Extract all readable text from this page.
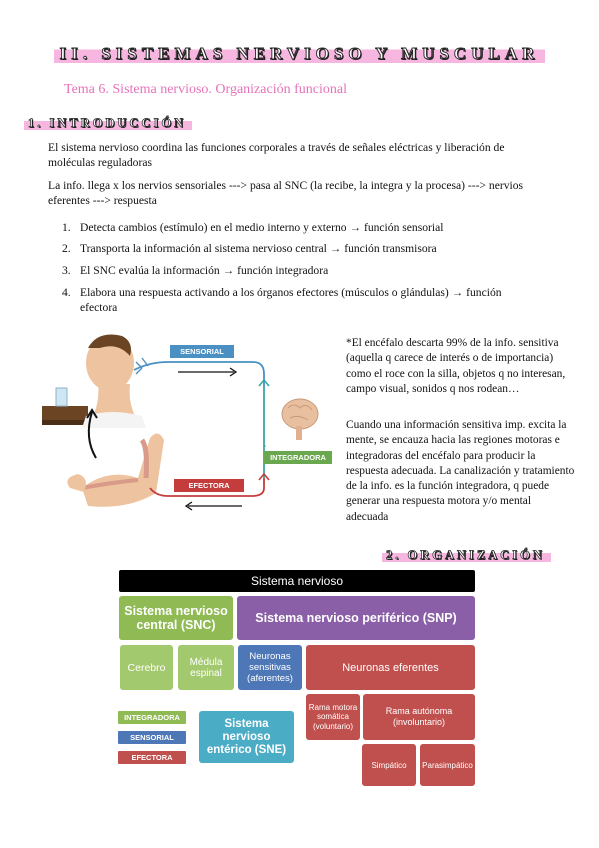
II. SISTEMAS NERVIOSO Y MUSCULAR
Tema 6. Sistema nervioso. Organización funcional
1. INTRODUCCIÓN
El sistema nervioso coordina las funciones corporales a través de señales eléctricas y liberación de moléculas reguladoras
La info. llega x los nervios sensoriales ---> pasa al SNC (la recibe, la integra y la procesa) ---> nervios eferentes ---> respuesta
1. Detecta cambios (estímulo) en el medio interno y externo → función sensorial
2. Transporta la información al sistema nervioso central → función transmisora
3. El SNC evalúa la información → función integradora
4. Elabora una respuesta activando a los órganos efectores (músculos o glándulas) → función efectora
SENSORIAL
INTEGRADORA
EFECTORA
*El encéfalo descarta 99% de la info. sensitiva (aquella q carece de interés o de importancia) como el roce con la silla, objetos q no interesan, campo visual, sonidos q nos rodean…
Cuando una información sensitiva imp. excita la mente, se encauza hacia las regiones motoras e integradoras del encéfalo para producir la respuesta adecuada. La canalización y tratamiento de la info. es la función integradora, q puede generar una respuesta motora y/o mental adecuada
2. ORGANIZACIÓN
Sistema nervioso
Sistema nervioso central (SNC)	Sistema nervioso periférico (SNP)
Cerebro	Médula espinal
Neuronas sensitivas (aferentes)
Neuronas eferentes
Rama motora somática (voluntario)
Rama autónoma (involuntario)
Simpático	Parasimpático
Sistema nervioso entérico (SNE)
INTEGRADORA
SENSORIAL
EFECTORA
